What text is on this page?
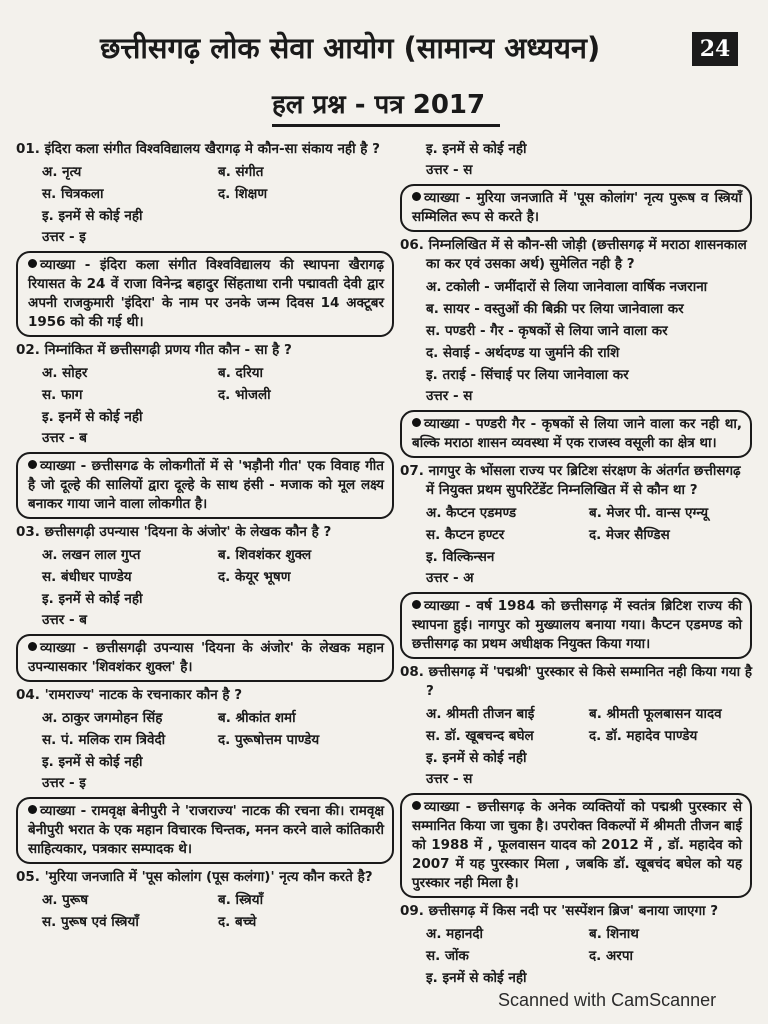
छत्तीसगढ़ लोक सेवा आयोग (सामान्य अध्ययन)	24
हल प्रश्न - पत्र 2017
01. इंदिरा कला संगीत विश्वविद्यालय खैरागढ़ मे कौन-सा संकाय नही है ?
अ. नृत्य	ब. संगीत
स. चित्रकला	द. शिक्षण
इ. इनमें से कोई नही
उत्तर - इ
व्याख्या - इंदिरा कला संगीत विश्वविद्यालय की स्थापना खैरागढ़ रियासत के 24 वें राजा विनेन्द्र बहादुर सिंहताथा रानी पद्मावती देवी द्वार अपनी राजकुमारी 'इंदिरा' के नाम पर उनके जन्म दिवस 14 अक्टूबर 1956 को की गई थी।
02. निम्नांकित में छत्तीसगढ़ी प्रणय गीत कौन - सा है ?
अ. सोहर	ब. दरिया
स. फाग	द. भोजली
इ. इनमें से कोई नही
उत्तर - ब
व्याख्या - छत्तीसगढ के लोकगीतों में से 'भड़ौनी गीत' एक विवाह गीत है जो दूल्हे की सालियों द्वारा दूल्हे के साथ हंसी - मजाक को मूल लक्ष्य बनाकर गाया जाने वाला लोकगीत है।
03. छत्तीसगढ़ी उपन्यास 'दियना के अंजोर' के लेखक कौन है ?
अ. लखन लाल गुप्त	ब. शिवशंकर शुक्ल
स. बंधीधर पाण्डेय	द. केयूर भूषण
इ. इनमें से कोई नही
उत्तर - ब
व्याख्या - छत्तीसगढ़ी उपन्यास 'दियना के अंजोर' के लेखक महान उपन्यासकार 'शिवशंकर शुक्ल' है।
04. 'रामराज्य' नाटक के रचनाकार कौन है ?
अ. ठाकुर जगमोहन सिंह	ब. श्रीकांत शर्मा
स. पं. मलिक राम त्रिवेदी	द. पुरूषोत्तम पाण्डेय
इ. इनमें से कोई नही
उत्तर - इ
व्याख्या - रामवृक्ष बेनीपुरी ने 'राजराज्य' नाटक की रचना की। रामवृक्ष बेनीपुरी भरात के एक महान विचारक चिन्तक, मनन करने वाले कांतिकारी साहित्यकार, पत्रकार सम्पादक थे।
05. 'मुरिया जनजाति में 'पूस कोलांग (पूस कलंगा)' नृत्य कौन करते है?
अ. पुरूष	ब. स्त्रियॉं
स. पुरूष एवं स्त्रियॉं	द. बच्चे
इ. इनमें से कोई नही
उत्तर - स
व्याख्या - मुरिया जनजाति में 'पूस कोलांग' नृत्य पुरूष व स्त्रियॉं सम्मिलित रूप से करते है।
06. निम्नलिखित में से कौन-सी जोड़ी (छत्तीसगढ़ में मराठा शासनकाल का कर एवं उसका अर्थ) सुमेलित नही है ?
अ. टकोली - जमींदारों से लिया जानेवाला वार्षिक नजराना
ब. सायर - वस्तुओं की बिक्री पर लिया जानेवाला कर
स. पण्डरी - गैर - कृषकों से लिया जाने वाला कर
द. सेवाई - अर्थदण्ड या जुर्माने की राशि
इ. तराई - सिंचाई पर लिया जानेवाला कर
उत्तर - स
व्याख्या - पण्डरी गैर - कृषकों से लिया जाने वाला कर नही था, बल्कि मराठा शासन व्यवस्था में एक राजस्व वसूली का क्षेत्र था।
07. नागपुर के भोंसला राज्य पर ब्रिटिश संरक्षण के अंतर्गत छत्तीसगढ़ में नियुक्त प्रथम सुपरिटेंडेंट निम्नलिखित में से कौन था ?
अ. कैप्टन एडमण्ड	ब. मेजर पी. वान्स एग्न्यू
स. कैप्टन हण्टर	द. मेजर सैण्डिस
इ. विल्किन्सन
उत्तर - अ
व्याख्या - वर्ष 1984 को छत्तीसगढ़ में स्वतंत्र ब्रिटिश राज्य की स्थापना हुई। नागपुर को मुख्यालय बनाया गया। कैप्टन एडमण्ड को छत्तीसगढ़ का प्रथम अधीक्षक नियुक्त किया गया।
08. छत्तीसगढ़ में 'पद्मश्री' पुरस्कार से किसे सम्मानित नही किया गया है ?
अ. श्रीमती तीजन बाई	ब. श्रीमती फूलबासन यादव
स. डॉ. खूबचन्द बघेल	द. डॉ. महादेव पाण्डेय
इ. इनमें से कोई नही
उत्तर - स
व्याख्या - छत्तीसगढ़ के अनेक व्यक्तियों को पद्मश्री पुरस्कार से सम्मानित किया जा चुका है। उपरोक्त विकल्पों में श्रीमती तीजन बाई को 1988 में , फूलवासन यादव को 2012 में , डॉ. महादेव को 2007 में यह पुरस्कार मिला , जबकि डॉ. खूबचंद बघेल को यह पुरस्कार नही मिला है।
09. छत्तीसगढ़ में किस नदी पर 'सस्पेंशन ब्रिज' बनाया जाएगा ?
अ. महानदी	ब. शिनाथ
स. जोंक	द. अरपा
इ. इनमें से कोई नही
Scanned with CamScanner
